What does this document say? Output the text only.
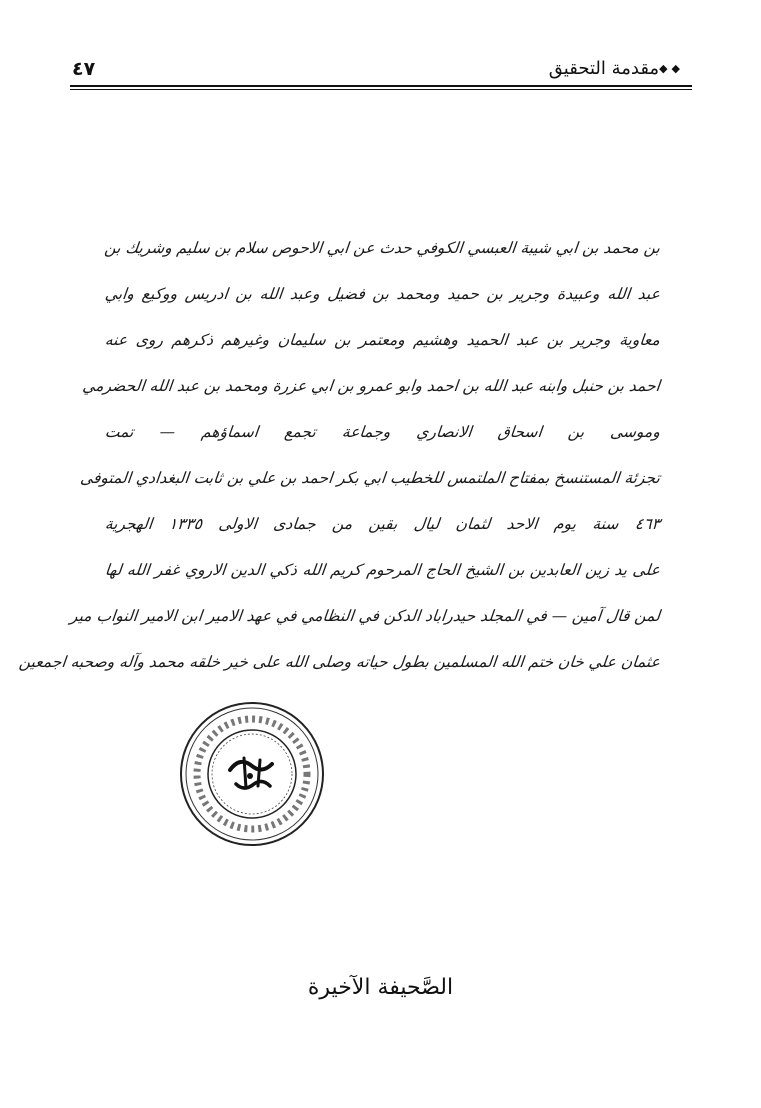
٤٧	◆◆
مقدمة التحقيق
بن محمد بن ابي شيبة العبسي الكوفي حدث عن ابي الاحوص سلام بن سليم وشريك بن
عبد الله وعبيدة وجرير بن حميد ومحمد بن فضيل وعبد الله بن ادريس ووكيع وابي
معاوية وجرير بن عبد الحميد وهشيم ومعتمر بن سليمان وغيرهم ذكرهم روى عنه
احمد بن حنبل وابنه عبد الله بن احمد وابو عمرو بن ابي عزرة ومحمد بن عبد الله الحضرمي
وموسى بن اسحاق الانصاري وجماعة تجمع اسماؤهم — تمت
تجزئة المستنسخ بمفتاح الملتمس للخطيب ابي بكر احمد بن علي بن ثابت البغدادي المتوفى
٤٦٣ سنة يوم الاحد لثمان ليال بقين من جمادى الاولى ١٣٣٥ الهجرية
على يد زين العابدين بن الشيخ الحاج المرحوم كريم الله ذكي الدين الاروي غفر الله لها
لمن قال آمين — في المجلد حيدراباد الدكن في النظامي في عهد الامير ابن الامير النواب مير
عثمان علي خان ختم الله المسلمين بطول حياته وصلى الله على خير خلقه محمد وآله وصحبه اجمعين
الصَّحيفة الآخيرة
